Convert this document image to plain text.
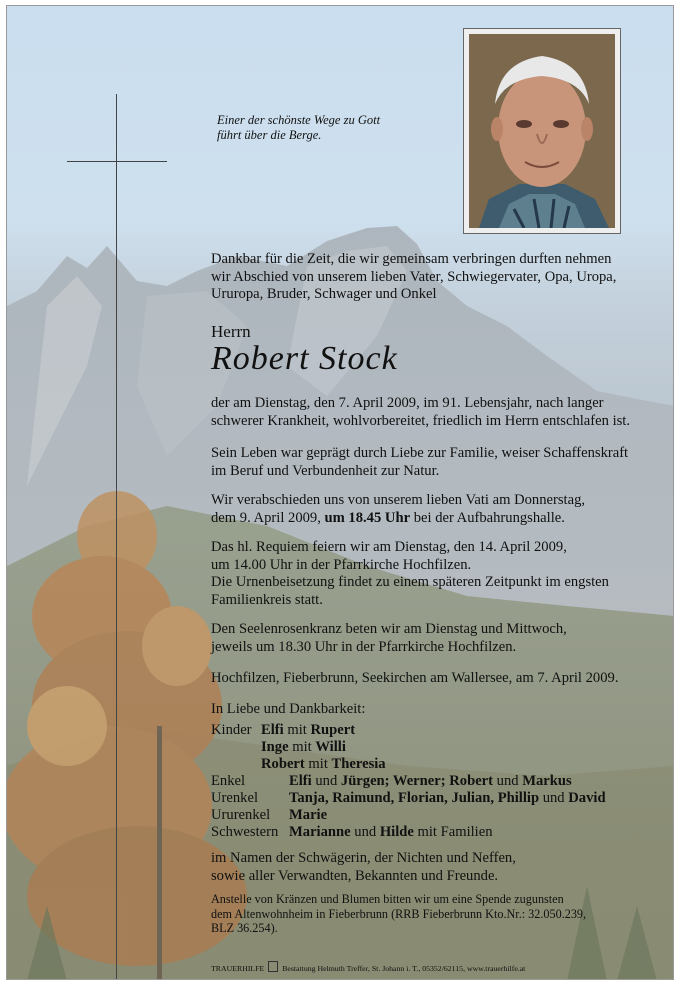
Einer der schönste Wege zu Gott
führt über die Berge.
Dankbar für die Zeit, die wir gemeinsam verbringen durften nehmen
wir Abschied von unserem lieben Vater, Schwiegervater, Opa, Uropa,
Ururopa, Bruder, Schwager und Onkel
Herrn
Robert Stock
der am Dienstag, den 7. April 2009, im 91. Lebensjahr, nach langer
schwerer Krankheit, wohlvorbereitet, friedlich im Herrn entschlafen ist.
Sein Leben war geprägt durch Liebe zur Familie, weiser Schaffenskraft
im Beruf und Verbundenheit zur Natur.
Wir verabschieden uns von unserem lieben Vati am Donnerstag,
dem 9. April 2009, um 18.45 Uhr bei der Aufbahrungshalle.
Das hl. Requiem feiern wir am Dienstag, den 14. April 2009,
um 14.00 Uhr in der Pfarrkirche Hochfilzen.
Die Urnenbeisetzung findet zu einem späteren Zeitpunkt im engsten
Familienkreis statt.
Den Seelenrosenkranz beten wir am Dienstag und Mittwoch,
jeweils um 18.30 Uhr in der Pfarrkirche Hochfilzen.
Hochfilzen, Fieberbrunn, Seekirchen am Wallersee, am 7. April 2009.
In Liebe und Dankbarkeit:
Kinder Elfi mit Rupert
Inge mit Willi
Robert mit Theresia
Enkel	Elfi und Jürgen; Werner; Robert und Markus
Urenkel Tanja, Raimund, Florian, Julian, Phillip und David
Ururenkel Marie
Schwestern Marianne und Hilde mit Familien
im Namen der Schwägerin, der Nichten und Neffen,
sowie aller Verwandten, Bekannten und Freunde.
Anstelle von Kränzen und Blumen bitten wir um eine Spende zugunsten
dem Altenwohnheim in Fieberbrunn (RRB Fieberbrunn Kto.Nr.: 32.050.239,
BLZ 36.254).
TRAUERHILFE Bestattung Helmuth Treffer, St. Johann i. T., 05352/62115, www.trauerhilfe.at
